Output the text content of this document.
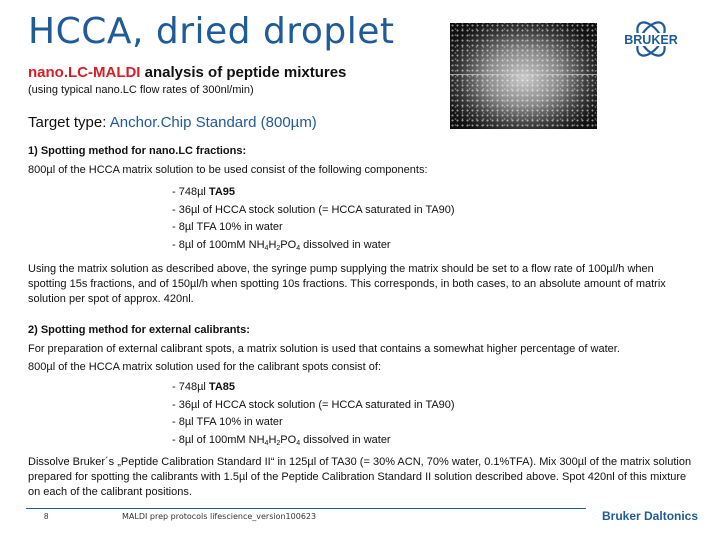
HCCA, dried droplet	BRUKER
nano.LC-MALDI analysis of peptide mixtures
(using typical nano.LC flow rates of 300nl/min)
Target type: Anchor.Chip Standard (800µm)
1) Spotting method for nano.LC fractions:
800µl of the HCCA matrix solution to be used consist of the following components:
- 748µl TA95
- 36µl of HCCA stock solution (= HCCA saturated in TA90)
- 8µl TFA 10% in water
- 8µl of 100mM $NH_4H_2PO_4$ dissolved in water
Using the matrix solution as described above, the syringe pump supplying the matrix should be set to a flow rate of 100µl/h when spotting 15s fractions, and of 150µl/h when spotting 10s fractions. This corresponds, in both cases, to an absolute amount of matrix solution per spot of approx. 420nl.
2) Spotting method for external calibrants:
For preparation of external calibrant spots, a matrix solution is used that contains a somewhat higher percentage of water.
800µl of the HCCA matrix solution used for the calibrant spots consist of:
- 748µl TA85
- 36µl of HCCA stock solution (= HCCA saturated in TA90)
- 8µl TFA 10% in water
- 8µl of 100mM $NH_4H_2PO_4$ dissolved in water
Dissolve Bruker´s „Peptide Calibration Standard II“ in 125µl of TA30 (= 30% ACN, 70% water, 0.1%TFA). Mix 300µl of the matrix solution prepared for spotting the calibrants with 1.5µl of the Peptide Calibration Standard II solution described above. Spot 420nl of this mixture on each of the calibrant positions.
8	MALDI prep protocols lifescience_version100623	Bruker Daltonics
